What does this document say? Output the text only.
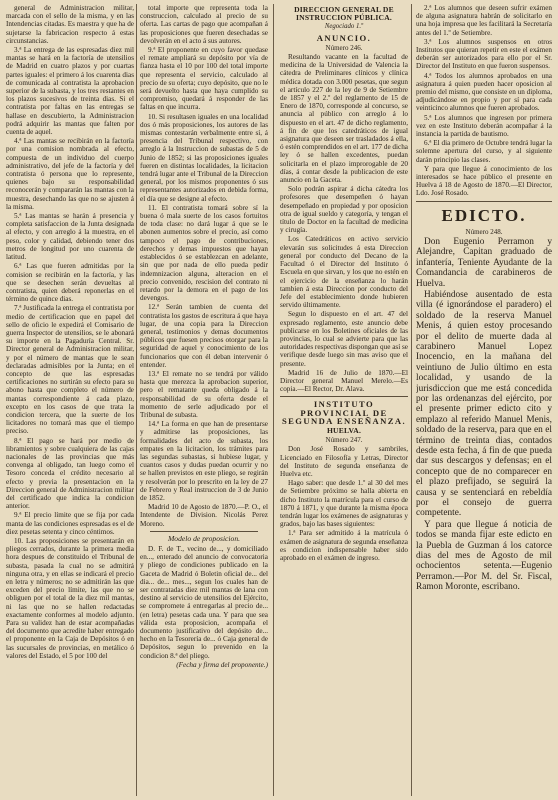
general de Administracion militar, marcada con el sello de la misma, y en las Intendencias citadas. Es maestra y que ha de sujetarse la fabricacion respecto á estas circunstancias.

3.ª La entrega de las espresadas diez mil mantas se hará en la factoría de utensilios de Madrid en cuatro plazos y por cuartas partes iguales: el primero á los cuarenta dias de comunicada al contratista la aprobacion superior de la subasta, y los tres restantes en los plazos sucesivos de treinta dias. Si el contratista por faltas en las entregas se hallase en descubierto, la Administracion podrá adquirir las mantas que falten por cuenta de aquel.

4.ª Las mantas se recibirán en la factoría por una comision nombrada al efecto, compuesta de un individuo del cuerpo administrativo, del jefe de la factoría y del contratista ó persona que lo represente, quienes bajo su responsabilidad reconocerán y compararán las mantas con la muestra, desechando las que no se ajusten á la misma.

5.ª Las mantas se harán á presencia y completa satisfaccion de la Junta designada al efecto, y con arreglo á la muestra, en el peso, color y calidad, debiendo tener dos metros de longitud por uno cuarenta de latitud.

6.ª Las que fueren admitidas por la comision se recibirán en la factoría, y las que se desechen serán devueltas al contratista, quien deberá reponerlas en el término de quince dias.

7.ª Justificada la entrega el contratista por medio de certificacion que en papel del sello de oficio le expedirá el Comisario de guerra Inspector de utensilios, se le abonará su importe en la Pagaduría Central. Sr. Director general de Administracion militar, y por el número de mantas que le sean declaradas admisibles por la Junta; en el concepto de que las espresadas certificaciones no surtirán su efecto para su abono hasta que completo el número de mantas correspondiente á cada plazo, excepto en los casos de que trata la condicion tercera, que la suerte de los licitadores no tomará mas que el tiempo preciso.

8.ª El pago se hará por medio de libramientos y sobre cualquiera de las cajas nacionales de las provincias que más convenga al obligado, tan luego como el Tesoro conceda el crédito necesario al efecto y previa la presentacion en la Direccion general de Administracion militar del certificado que indica la condicion anterior.

9.ª El precio límite que se fija por cada manta de las condiciones espresadas es el de diez pesetas setenta y cinco céntimos.

10. Las proposiciones se presentarán en pliegos cerrados, durante la primera media hora despues de constituido el Tribunal de subasta, pasada la cual no se admitirá ninguna otra, y en ellas se indicará el precio en letra y números; no se admitirán las que exceden del precio límite, las que no se obliguen por el total de la diez mil mantas, ni las que no se hallen redactadas exactamente conformes al modelo adjunto. Para su validez han de estar acompañadas del documento que acredite haber entregado el proponente en la Caja de Depósitos ó en las sucursales de provincias, en metálico ó valores del Estado, el 5 por 100 del

total importe que representa toda la construccion, calculado al precio de su oferta. Las cartas de pago que acompañan á las proposiciones que fueren desechadas se devolverán en el acto á sus autores.

9.ª El proponente en cuyo favor quedase el remate ampliará su depósito por vía de fianza hasta el 10 por 100 del total importe que representa el servicio, calculado al precio de su oferta; cuyo depósito, que no le será devuelto hasta que haya cumplido su compromiso, quedará á responder de las faltas en que incurra.

10. Si resultasen iguales en una localidad dos ó más proposiciones, los autores de las mismas contestarán verbalmente entre sí, á presencia del Tribunal respectivo, con arreglo á la Instruccion de subastas de 5 de Junio de 1852; si las proposiciones iguales fueren en distintas localidades, la licitacion tendrá lugar ante el Tribunal de la Direccion general, por los mismos proponentes ó sus representantes autorizados en debida forma, el día que se designe al efecto.

11. El contratista tomará sobre sí la buena ó mala suerte de los casos fortuitos de toda clase: no dará lugar á que se le abonen aumentos sobre el precio, así como tampoco el pago de contribuciones, derechos y demas impuestos que hayan establecidos ó se establezcan en adelante, sin que por nada de ello pueda pedir indemnizacion alguna, alteracion en el precio convenido, rescision del contrato ni retardo por la demora en el pago de los devengos.

12.ª Serán tambien de cuenta del contratista los gastos de escritura á que haya lugar, de una copia para la Direccion general, testimonios y demas documentos públicos que fuesen precisos otorgar para la seguridad de aquel y conocimiento de los funcionarios que con él deban intervenir ó entender.

13.ª El remate no se tendrá por válido hasta que merezca la aprobacion superior, pero el rematante queda obligado á la responsabilidad de su oferta desde el momento de serle adjudicado por el Tribunal de subasta.

14.ª La forma en que han de presentarse y admitirse las proposiciones, las formalidades del acto de subasta, los empates en la licitacion, los trámites para las segundas subastas, si hubiese lugar, y cuantos casos y dudas puedan ocurrir y no se hallen previstos en este pliego, se regirán y resolverán por lo prescrito en la ley de 27 de Febrero y Real instruccion de 3 de Junio de 1852.

Madrid 10 de Agosto de 1870.—P. O., el Intendente de Division. Nicolás Perez Moreno.

Modelo de proposicion.

D. F. de T., vecino de..., y domiciliado en..., enterado del anuncio de convocatoria y pliego de condiciones publicado en la Gaceta de Madrid ó Boletin oficial de... del dia... de... mes..., segun los cuales han de ser contratadas diez mil mantas de lana con destino al servicio de utensilios del Ejército, se compromete á entregarlas al precio de... (en letra) pesetas cada una. Y para que sea válida esta proposicion, acompaña el documento justificativo del depósito de... hecho en la Tesorería de... ó Caja general de Depósitos, segun lo prevenido en la condicion 8.ª del pliego.

(Fecha y firma del proponente.)

DIRECCION GENERAL DE INSTRUCCION PÚBLICA.
Negociado 1.º
ANUNCIO.
Número 246.

Resultando vacante en la facultad de medicina de la Universidad de Valencia la cátedra de Preliminares clínicos y clínica médica dotada con 3.000 pesetas, que segun el artículo 227 de la ley de 9 de Setiembre de 1857 y el 2.º del reglamento de 15 de Enero de 1870, corresponde al concurso, se anuncia al público con arreglo á lo dispuesto en el art. 47 de dicho reglamento, á fin de que los catedráticos de igual asignatura que deseen ser trasladados á ella, ó estén comprendidos en el art. 177 de dicha ley ó se hallen excedentes, puedan solicitarla en el plazo improrogable de 20 días, á contar desde la publicacion de este anuncio en la Gaceta.

Solo podrán aspirar á dicha cátedra los profesores que desempeñen ó hayan desempeñado en propiedad y por oposicion otra de igual sueldo y categoría, y tengan el título de Doctor en la facultad de medicina y cirugía.

Los Catedráticos en activo servicio elevarán sus solicitudes á esta Direccion general por conducto del Decano de la Facultad ó el Director del Instituto ó Escuela en que sirvan, y los que no estén en el ejercicio de la enseñanza lo harán tambien á esta Direccion por conducto del Jefe del establecimiento donde hubieren servido últimamente.

Segun lo dispuesto en el art. 47 del expresado reglamento, este anuncio debe publicarse en los Boletines oficiales de las provincias, lo cual se advierte para que las autoridades respectivas dispongan que así se verifique desde luego sin mas aviso que el presente.

Madrid 16 de Julio de 1870.—El Director general Manuel Merelo.—Es copia.—El Rector, Dr. Alava.

INSTITUTO PROVINCIAL DE SEGUNDA ENSEÑANZA.
HUELVA.
Número 247.

Don José Rosado y sambriles, Licenciado en Filosofía y Letras, Director del Instituto de segunda enseñanza de Huelva etc.

Hago saber: que desde 1.º al 30 del mes de Setiembre próximo se halla abierta en dicho Instituto la matrícula para el curso de 1870 á 1871, y que durante la misma época tendrán lugar los exámenes de asignaturas y grados, bajo las bases siguientes:

1.ª Para ser admitido á la matrícula ó exámen de asignatura de segunda enseñanza es condicion indispensable haber sido aprobado en el exámen de ingreso.

2.ª Los alumnos que deseen sufrir exámen de alguna asignatura habrán de solicitarlo en una hoja impresa que les facilitará la Secretaría antes del 1.º de Setiembre.

3.ª Los alumnos suspensos en otros Institutos que quieran repetir en este el exámen deberán ser autorizados para ello por el Sr. Director del Instituto en que fueron suspensos.

4.ª Todos los alumnos aprobados en una asignatura á quien pueden hacer oposicion al premio del mismo, que consiste en un diploma, adjudicándose en propio y por sí para cada veinticinco alumnos que fueren aprobados.

5.ª Los alumnos que ingresen por primera vez en este Instituto deberán acompañar á la instancia la partida de bautismo.

6.ª El dia primero de Octubre tendrá lugar la solemne apertura del curso, y al siguiente darán principio las clases.

Y para que llegue á conocimiento de los interesados se hace público el presente en Huelva á 18 de Agosto de 1870.—El Director, Ldo. José Rosado.

EDICTO.
Número 248.

Don Eugenio Perramon y Alejandre, Capitan graduado de infantería, Teniente Ayudante de la Comandancia de carabineros de Huelva.

Habiéndose ausentado de esta villa (é ignorándose el paradero) el soldado de la reserva Manuel Menis, á quien estoy procesando por el delito de muerte dada al carabinero Manuel Lopez Inocencio, en la mañana del veintiuno de Julio último en esta localidad, y usando de la jurisdiccion que me está concedida por las ordenanzas del ejército, por el presente primer edicto cito y emplazo al referido Manuel Menis, soldado de la reserva, para que en el término de treinta dias, contados desde esta fecha, á fin de que pueda dar sus descargos y defensas; en el concepto que de no comparecer en el plazo prefijado, se seguirá la causa y se sentenciará en rebeldía por el consejo de guerra competente.

Y para que llegue á noticia de todos se manda fijar este edicto en la Puebla de Guzman á los catorce dias del mes de Agosto de mil ochocientos setenta.—Eugenio Perramon.—Por M. del Sr. Fiscal, Ramon Moronte, escribano.
